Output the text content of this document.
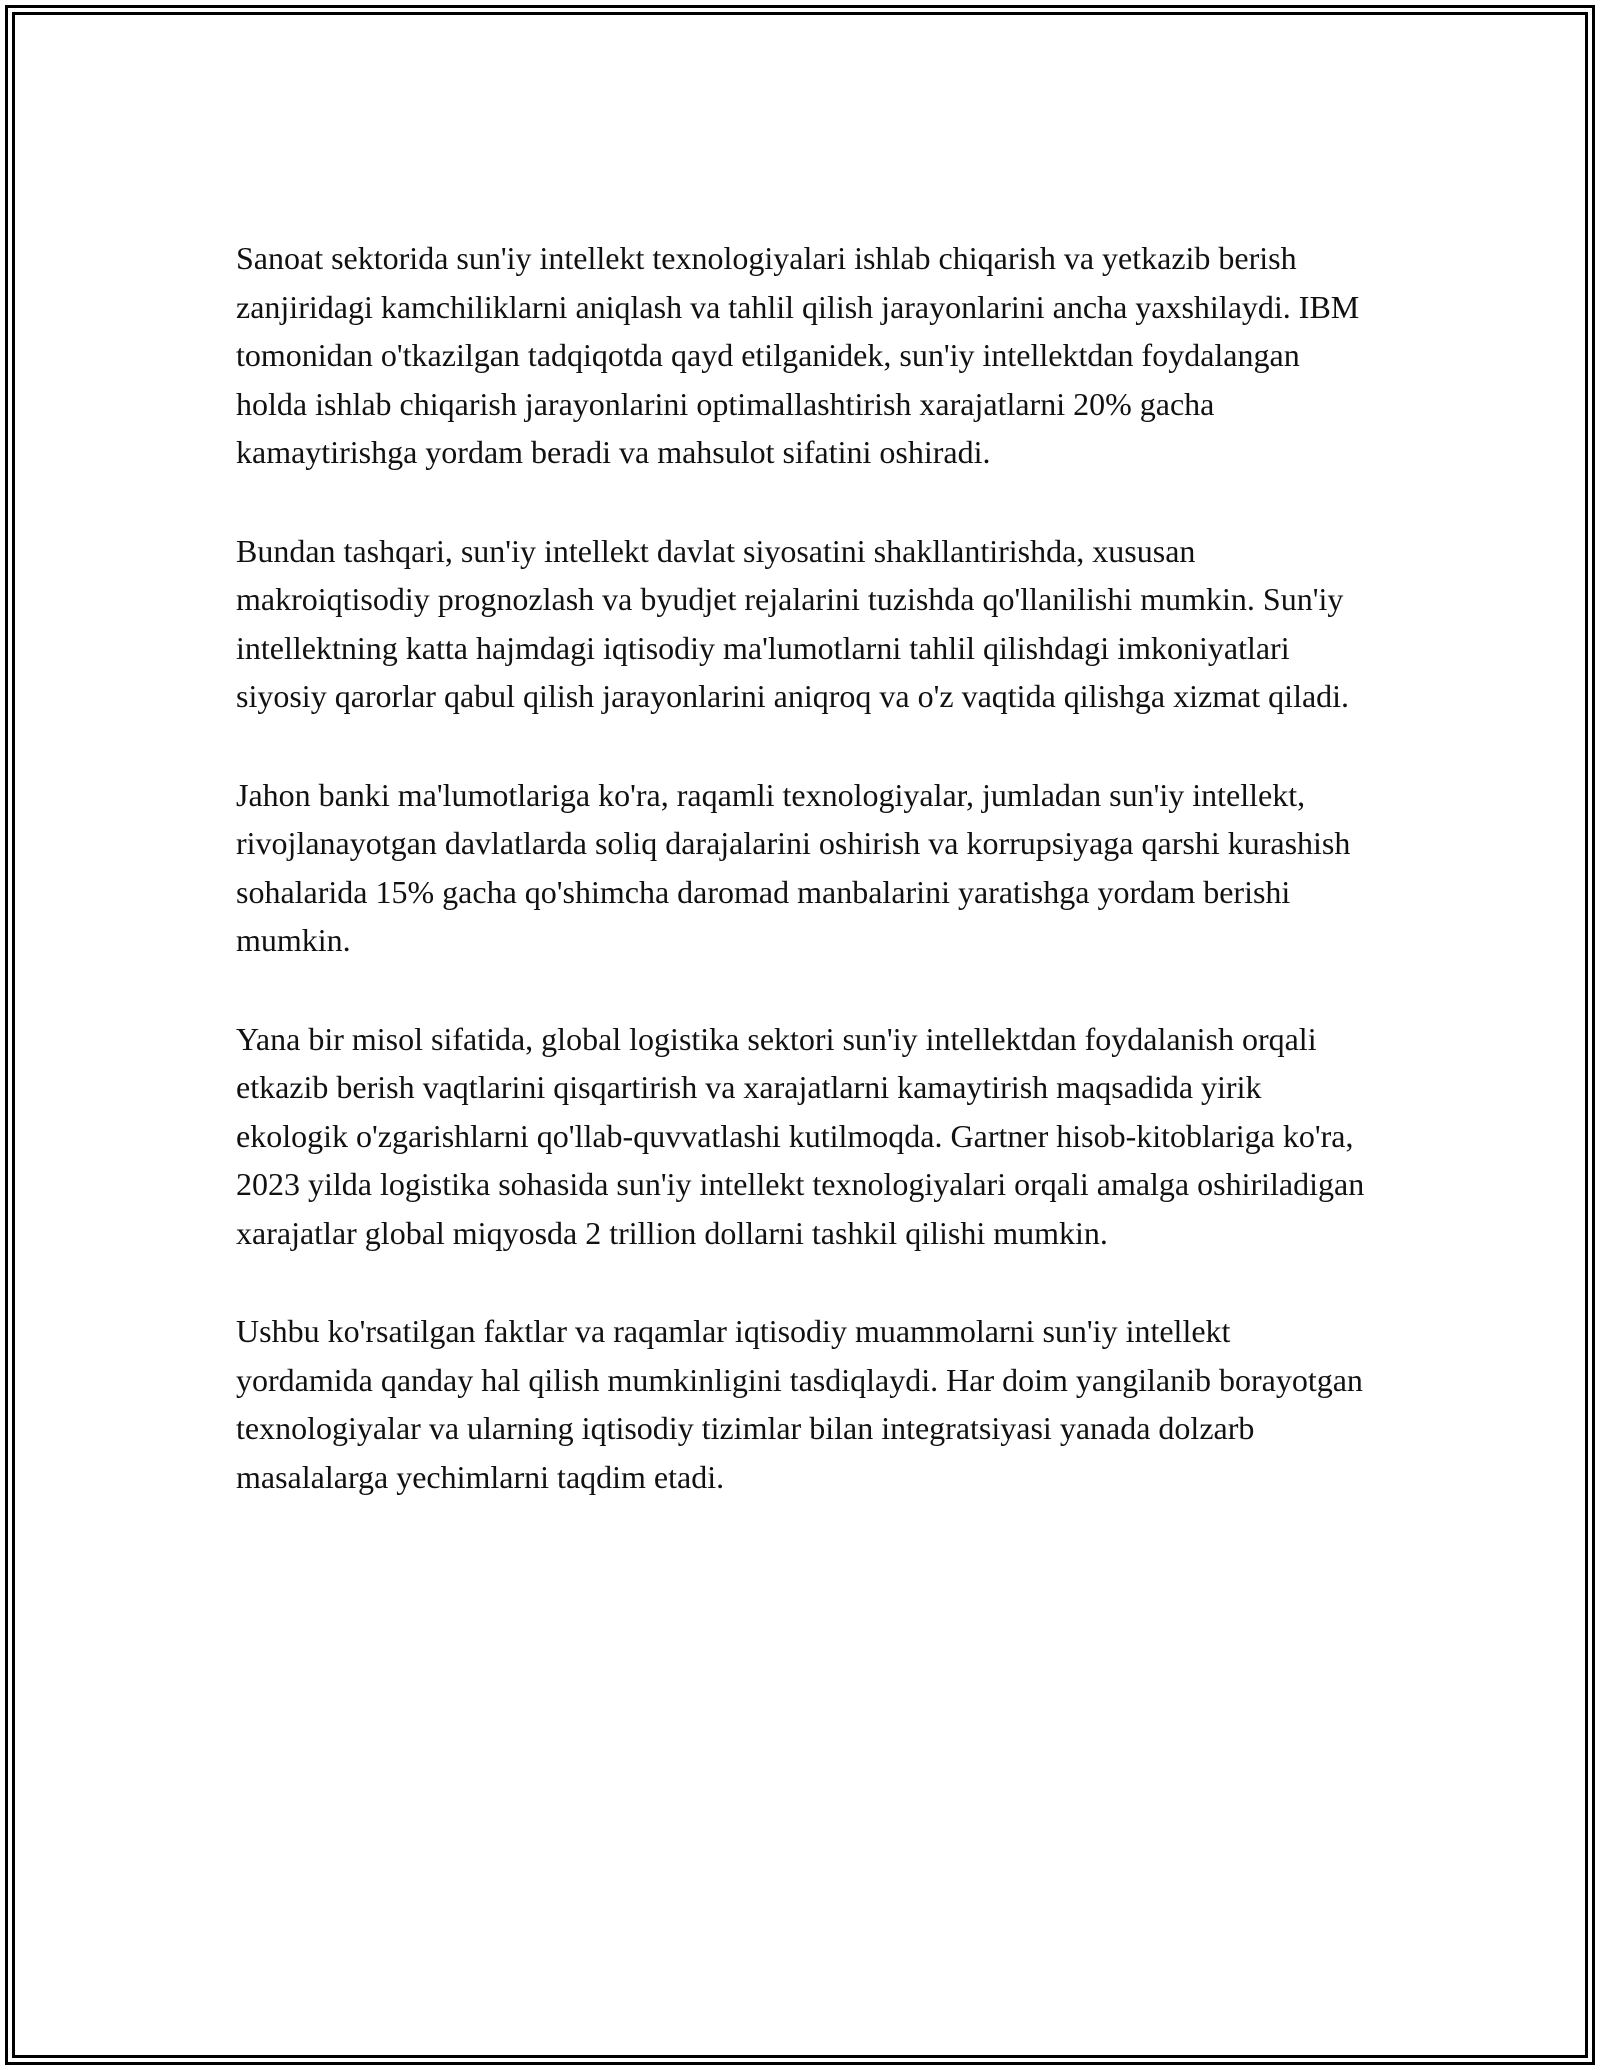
Sanoat sektorida sun'iy intellekt texnologiyalari ishlab chiqarish va yetkazib berish zanjiridagi kamchiliklarni aniqlash va tahlil qilish jarayonlarini ancha yaxshilaydi. IBM tomonidan o'tkazilgan tadqiqotda qayd etilganidek, sun'iy intellektdan foydalangan holda ishlab chiqarish jarayonlarini optimallashtirish xarajatlarni 20% gacha kamaytirishga yordam beradi va mahsulot sifatini oshiradi.

Bundan tashqari, sun'iy intellekt davlat siyosatini shakllantirishda, xususan makroiqtisodiy prognozlash va byudjet rejalarini tuzishda qo'llanilishi mumkin. Sun'iy intellektning katta hajmdagi iqtisodiy ma'lumotlarni tahlil qilishdagi imkoniyatlari siyosiy qarorlar qabul qilish jarayonlarini aniqroq va o'z vaqtida qilishga xizmat qiladi.

Jahon banki ma'lumotlariga ko'ra, raqamli texnologiyalar, jumladan sun'iy intellekt, rivojlanayotgan davlatlarda soliq darajalarini oshirish va korrupsiyaga qarshi kurashish sohalarida 15% gacha qo'shimcha daromad manbalarini yaratishga yordam berishi mumkin.

Yana bir misol sifatida, global logistika sektori sun'iy intellektdan foydalanish orqali etkazib berish vaqtlarini qisqartirish va xarajatlarni kamaytirish maqsadida yirik ekologik o'zgarishlarni qo'llab-quvvatlashi kutilmoqda. Gartner hisob-kitoblariga ko'ra, 2023 yilda logistika sohasida sun'iy intellekt texnologiyalari orqali amalga oshiriladigan xarajatlar global miqyosda 2 trillion dollarni tashkil qilishi mumkin.

Ushbu ko'rsatilgan faktlar va raqamlar iqtisodiy muammolarni sun'iy intellekt yordamida qanday hal qilish mumkinligini tasdiqlaydi. Har doim yangilanib borayotgan texnologiyalar va ularning iqtisodiy tizimlar bilan integratsiyasi yanada dolzarb masalalarga yechimlarni taqdim etadi.
